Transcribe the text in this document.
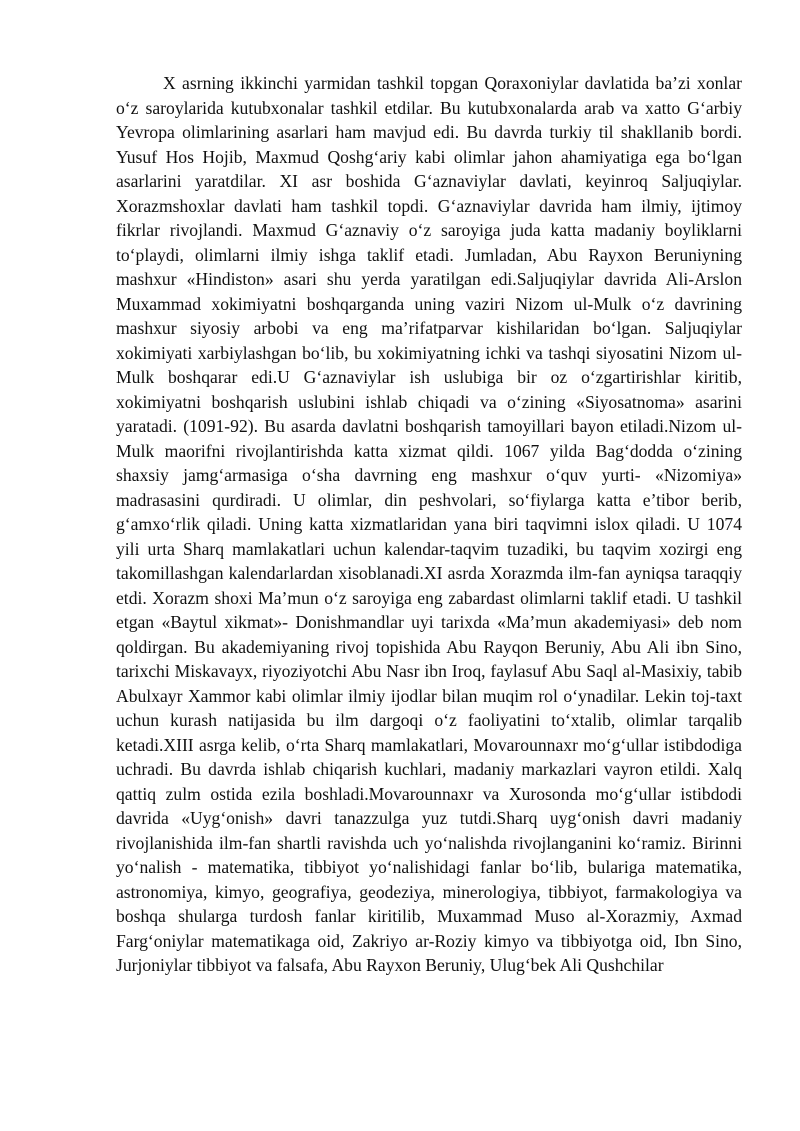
X asrning ikkinchi yarmidan tashkil topgan Qoraxoniylar davlatida ba’zi xonlar o‘z saroylarida kutubxonalar tashkil etdilar. Bu kutubxonalarda arab va xatto G‘arbiy Yevropa olimlarining asarlari ham mavjud edi. Bu davrda turkiy til shakllanib bordi. Yusuf Hos Hojib, Maxmud Qoshg‘ariy kabi olimlar jahon ahamiyatiga ega bo‘lgan asarlarini yaratdilar. XI asr boshida G‘aznaviylar davlati, keyinroq Saljuqiylar. Xorazmshoxlar davlati ham tashkil topdi. G‘aznaviylar davrida ham ilmiy, ijtimoy fikrlar rivojlandi. Maxmud G‘aznaviy o‘z saroyiga juda katta madaniy boyliklarni to‘playdi, olimlarni ilmiy ishga taklif etadi. Jumladan, Abu Rayxon Beruniyning mashxur «Hindiston» asari shu yerda yaratilgan edi.Saljuqiylar davrida Ali-Arslon Muxammad xokimiyatni boshqarganda uning vaziri Nizom ul-Mulk o‘z davrining mashxur siyosiy arbobi va eng ma’rifatparvar kishilaridan bo‘lgan. Saljuqiylar xokimiyati xarbiylashgan bo‘lib, bu xokimiyatning ichki va tashqi siyosatini Nizom ul-Mulk boshqarar edi.U G‘aznaviylar ish uslubiga bir oz o‘zgartirishlar kiritib, xokimiyatni boshqarish uslubini ishlab chiqadi va o‘zining «Siyosatnoma» asarini yaratadi. (1091-92). Bu asarda davlatni boshqarish tamoyillari bayon etiladi.Nizom ul-Mulk maorifni rivojlantirishda katta xizmat qildi. 1067 yilda Bag‘dodda o‘zining shaxsiy jamg‘armasiga o‘sha davrning eng mashxur o‘quv yurti- «Nizomiya» madrasasini qurdiradi. U olimlar, din peshvolari, so‘fiylarga katta e’tibor berib, g‘amxo‘rlik qiladi. Uning katta xizmatlaridan yana biri taqvimni islox qiladi. U 1074 yili urta Sharq mamlakatlari uchun kalendar-taqvim tuzadiki, bu taqvim xozirgi eng takomillashgan kalendarlardan xisoblanadi.XI asrda Xorazmda ilm-fan ayniqsa taraqqiy etdi. Xorazm shoxi Ma’mun o‘z saroyiga eng zabardast olimlarni taklif etadi. U tashkil etgan «Baytul xikmat»- Donishmandlar uyi tarixda «Ma’mun akademiyasi» deb nom qoldirgan. Bu akademiyaning rivoj topishida Abu Rayqon Beruniy, Abu Ali ibn Sino, tarixchi Miskavayx, riyoziyotchi Abu Nasr ibn Iroq, faylasuf Abu Saql al-Masixiy, tabib Abulxayr Xammor kabi olimlar ilmiy ijodlar bilan muqim rol o‘ynadilar. Lekin toj-taxt uchun kurash natijasida bu ilm dargoqi o‘z faoliyatini to‘xtalib, olimlar tarqalib ketadi.XIII asrga kelib, o‘rta Sharq mamlakatlari, Movarounnaxr mo‘g‘ullar istibdodiga uchradi. Bu davrda ishlab chiqarish kuchlari, madaniy markazlari vayron etildi. Xalq qattiq zulm ostida ezila boshladi.Movarounnaxr va Xurosonda mo‘g‘ullar istibdodi davrida «Uyg‘onish» davri tanazzulga yuz tutdi.Sharq uyg‘onish davri madaniy rivojlanishida ilm-fan shartli ravishda uch yo‘nalishda rivojlanganini ko‘ramiz. Birinni yo‘nalish - matematika, tibbiyot yo‘nalishidagi fanlar bo‘lib, bulariga matematika, astronomiya, kimyo, geografiya, geodeziya, minerologiya, tibbiyot, farmakologiya va boshqa shularga turdosh fanlar kiritilib, Muxammad Muso al-Xorazmiy, Axmad Farg‘oniylar matematikaga oid, Zakriyo ar-Roziy kimyo va tibbiyotga oid, Ibn Sino, Jurjoniylar tibbiyot va falsafa, Abu Rayxon Beruniy, Ulug‘bek Ali Qushchilar
